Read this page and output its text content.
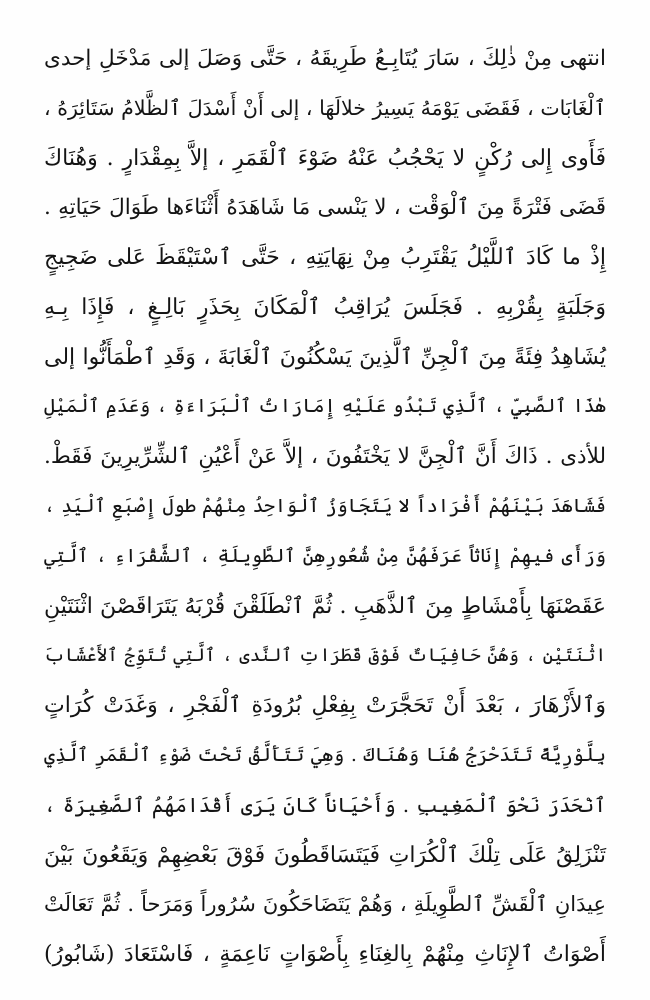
انتهى مِنْ ذٰلِكَ ، سَارَ يُتَابِـعُ طَرِيقَهُ ، حَتَّى وَصَلَ إلى مَدْخَلِ إحدى
ٱلْغَابَات ، فَقَضَى يَوْمَهُ يَسِيرُ خلالَهَا ، إلى أَنْ أَسْدَلَ ٱلظَّلامُ سَتَائِرَهُ ،
فَأَوى إِلى رُكْنٍ لا يَحْجُبُ عَنْهُ ضَوْءَ ٱلْقَمَرِ ، إلاَّ بِمِقْدَارٍ . وَهُنَاكَ
قَضَى فَتْرَةً مِنَ ٱلْوَقْت ، لا يَنْسى مَا شَاهَدَهُ أَثْنَاءَها طَوَالَ حَيَاتِهِ .
إِذْ ما كَادَ ٱللَّيْلُ يَقْتَرِبُ مِنْ نِهَايَتِهِ ، حَتَّى ٱسْتَيْقَظَ عَلى ضَجِيجٍ
وَجَلَبَةٍ بِقُرْبِهِ . فَجَلَسَ يُرَاقِبُ ٱلْمَكَانَ بِحَذَرٍ بَالِـغٍ ، فَإِذَا بِـهِ
يُشَاهِدُ فِئَةً مِنَ ٱلْجِنِّ ٱلَّذِينَ يَسْكُنُونَ ٱلْغَابَةَ ، وَقَدِ ٱطْمَأَنُّوا إلى
هٰذَا ٱلصَّبِيِّ ، ٱلَّذِي تَبْدُو عَلَيْهِ إِمَارَاتُ ٱلْبَرَاءَةِ ، وَعَدَمِ ٱلْمَيْلِ
للأذى . ذَاكَ أَنَّ ٱلْجِنَّ لا يَخْتَفُونَ ، إلاَّ عَنْ أَعْيُنِ ٱلشِّرِّيرِينَ فَقَطْ.
فَشَاهَدَ بَيْنَهُمْ أَفْرَاداً لا يَتَجَاوَزُ ٱلْوَاحِدُ مِنْهُمْ طولَ إِصْبَعِ ٱلْيَدِ ،
وَرَأَى فيهِمْ إِنَاثاً عَرَفَهُنَّ مِنْ شُعُورِهِنَّ ٱلطَّوِيلَةِ ، ٱلشَّقْرَاءِ ، ٱلَّتِي
عَقَصْنَهَا بِأَمْشَاطٍ مِنَ ٱلذَّهَبِ . ثُمَّ ٱنْطَلَقْنَ قُرْبَهُ يَتَرَاقَصْنَ اثْنَتَيْنِ
اثْنَتَيْنِ ، وَهُنَّ حَافِيَاتٌ فَوْقَ قَطَرَاتِ ٱلنَّدى ، ٱلَّتِي تُتَوِّجُ ٱلأَعْشَابَ
وَٱلأَزْهَارَ ، بَعْدَ أَنْ تَحَجَّرَتْ بِفِعْلِ بُرُودَةِ ٱلْفَجْرِ ، وَغَدَتْ كُرَاتٍ
بِلَّوْرِيَّةً تَتَدَحْرَجُ هُنَا وَهُنَاكَ . وَهِيَ تَتَأَلَّقُ تَحْتَ ضَوْءِ ٱلْقَمَرِ ٱلَّذِي
ٱنْحَدَرَ نَحْوَ ٱلْمَغِيبِ . وَأَحْيَاناً كَانَ يَرَى أَقْدَامَهُمُ ٱلصَّغِيرَةَ ،
تَنْزَلِقُ عَلَى تِلْكَ ٱلْكُرَاتِ فَيَتَسَاقَطُونَ فَوْقَ بَعْضِهِمْ وَيَقَعُونَ بَيْنَ
عِيدَانِ ٱلْقَشِّ ٱلطَّوِيلَةِ ، وَهُمْ يَتَضَاحَكُونَ سُرُوراً وَمَرَحاً . ثُمَّ تَعَالَتْ
أَصْوَاتُ ٱلإِنَاثِ مِنْهُمْ بِالغِنَاءِ بِأَصْوَاتٍ نَاعِمَةٍ ، فَاسْتَعَادَ (شَابُورُ)
